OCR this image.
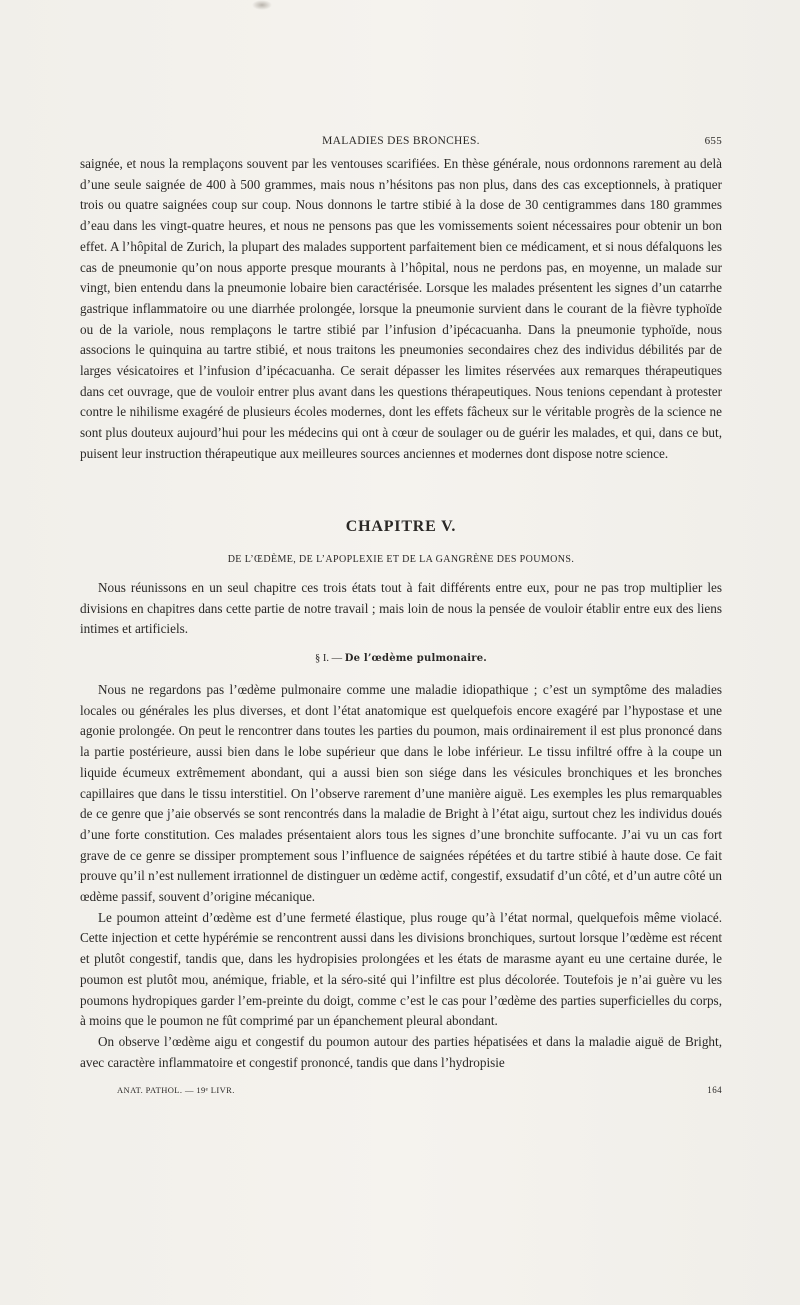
MALADIES DES BRONCHES.	655

saignée, et nous la remplaçons souvent par les ventouses scarifiées. En thèse générale, nous ordonnons rarement au delà d’une seule saignée de 400 à 500 grammes, mais nous n’hésitons pas non plus, dans des cas exceptionnels, à pratiquer trois ou quatre saignées coup sur coup. Nous donnons le tartre stibié à la dose de 30 centigrammes dans 180 grammes d’eau dans les vingt-quatre heures, et nous ne pensons pas que les vomissements soient nécessaires pour obtenir un bon effet. A l’hôpital de Zurich, la plupart des malades supportent parfaitement bien ce médicament, et si nous défalquons les cas de pneumonie qu’on nous apporte presque mourants à l’hôpital, nous ne perdons pas, en moyenne, un malade sur vingt, bien entendu dans la pneumonie lobaire bien caractérisée. Lorsque les malades présentent les signes d’un catarrhe gastrique inflammatoire ou une diarrhée prolongée, lorsque la pneumonie survient dans le courant de la fièvre typhoïde ou de la variole, nous remplaçons le tartre stibié par l’infusion d’ipécacuanha. Dans la pneumonie typhoïde, nous associons le quinquina au tartre stibié, et nous traitons les pneumonies secondaires chez des individus débilités par de larges vésicatoires et l’infusion d’ipécacuanha. Ce serait dépasser les limites réservées aux remarques thérapeutiques dans cet ouvrage, que de vouloir entrer plus avant dans les questions thérapeutiques. Nous tenions cependant à protester contre le nihilisme exagéré de plusieurs écoles modernes, dont les effets fâcheux sur le véritable progrès de la science ne sont plus douteux aujourd’hui pour les médecins qui ont à cœur de soulager ou de guérir les malades, et qui, dans ce but, puisent leur instruction thérapeutique aux meilleures sources anciennes et modernes dont dispose notre science.

CHAPITRE V.
DE L’ŒDÈME, DE L’APOPLEXIE ET DE LA GANGRÈNE DES POUMONS.

Nous réunissons en un seul chapitre ces trois états tout à fait différents entre eux, pour ne pas trop multiplier les divisions en chapitres dans cette partie de notre travail ; mais loin de nous la pensée de vouloir établir entre eux des liens intimes et artificiels.

§ I. — De l’œdème pulmonaire.

Nous ne regardons pas l’œdème pulmonaire comme une maladie idiopathique ; c’est un symptôme des maladies locales ou générales les plus diverses, et dont l’état anatomique est quelquefois encore exagéré par l’hypostase et une agonie prolongée. On peut le rencontrer dans toutes les parties du poumon, mais ordinairement il est plus prononcé dans la partie postérieure, aussi bien dans le lobe supérieur que dans le lobe inférieur. Le tissu infiltré offre à la coupe un liquide écumeux extrêmement abondant, qui a aussi bien son siége dans les vésicules bronchiques et les bronches capillaires que dans le tissu interstitiel. On l’observe rarement d’une manière aiguë. Les exemples les plus remarquables de ce genre que j’aie observés se sont rencontrés dans la maladie de Bright à l’état aigu, surtout chez les individus doués d’une forte constitution. Ces malades présentaient alors tous les signes d’une bronchite suffocante. J’ai vu un cas fort grave de ce genre se dissiper promptement sous l’influence de saignées répétées et du tartre stibié à haute dose. Ce fait prouve qu’il n’est nullement irrationnel de distinguer un œdème actif, congestif, exsudatif d’un côté, et d’un autre côté un œdème passif, souvent d’origine mécanique.

Le poumon atteint d’œdème est d’une fermeté élastique, plus rouge qu’à l’état normal, quelquefois même violacé. Cette injection et cette hypérémie se rencontrent aussi dans les divisions bronchiques, surtout lorsque l’œdème est récent et plutôt congestif, tandis que, dans les hydropisies prolongées et les états de marasme ayant eu une certaine durée, le poumon est plutôt mou, anémique, friable, et la séro-sité qui l’infiltre est plus décolorée. Toutefois je n’ai guère vu les poumons hydropiques garder l’em-preinte du doigt, comme c’est le cas pour l’œdème des parties superficielles du corps, à moins que le poumon ne fût comprimé par un épanchement pleural abondant.

On observe l’œdème aigu et congestif du poumon autour des parties hépatisées et dans la maladie aiguë de Bright, avec caractère inflammatoire et congestif prononcé, tandis que dans l’hydropisie

ANAT. PATHOL. — 19ᵉ LIVR.	164
